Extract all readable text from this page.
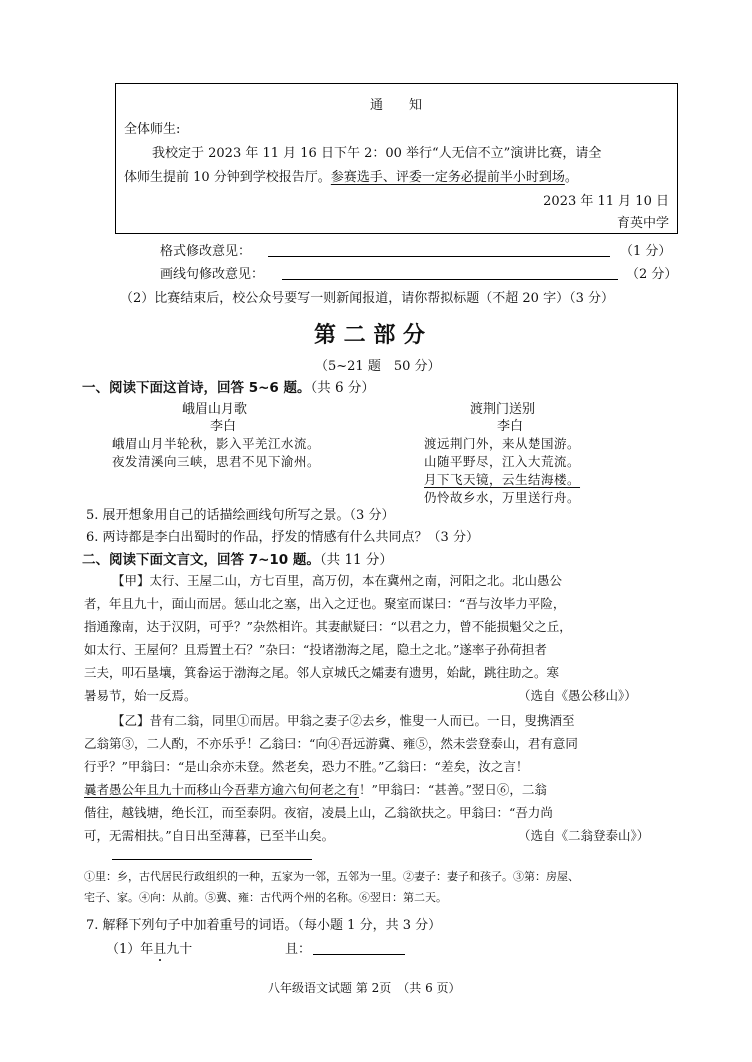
通　　知
全体师生:
我校定于 2023 年 11 月 16 日下午 2：00 举行“人无信不立”演讲比赛，请全
体师生提前 10 分钟到学校报告厅。参赛选手、评委一定务必提前半小时到场。
2023 年 11 月 10 日
育英中学
格式修改意见：	（1 分）
画线句修改意见：	（2 分）
（2）比赛结束后，校公众号要写一则新闻报道，请你帮拟标题（不超 20 字）（3 分）
第 二 部 分
（5~21 题　50 分）
一、阅读下面这首诗，回答 5~6 题。（共 6 分）
峨眉山月歌
李白
峨眉山月半轮秋，影入平羌江水流。
夜发清溪向三峡，思君不见下渝州。
渡荆门送别
李白
渡远荆门外，来从楚国游。
山随平野尽，江入大荒流。
月下飞天镜，云生结海楼。
仍怜故乡水，万里送行舟。
5. 展开想象用自己的话描绘画线句所写之景。（3 分）
6. 两诗都是李白出蜀时的作品，抒发的情感有什么共同点？（3 分）
二、阅读下面文言文，回答 7~10 题。（共 11 分）
【甲】太行、王屋二山，方七百里，高万仞，本在冀州之南，河阳之北。北山愚公
者，年且九十，面山而居。惩山北之塞，出入之迂也。聚室而谋曰：“吾与汝毕力平险，
指通豫南，达于汉阴，可乎？”杂然相许。其妻献疑曰：“以君之力，曾不能损魁父之丘，
如太行、王屋何？且焉置土石？”杂曰：“投诸渤海之尾，隐土之北。”遂率子孙荷担者
三夫，叩石垦壤，箕畚运于渤海之尾。邻人京城氏之孀妻有遗男，始龀，跳往助之。寒
暑易节，始一反焉。	（选自《愚公移山》）
【乙】昔有二翁，同里①而居。甲翁之妻子②去乡，惟叟一人而已。一日，叟携酒至
乙翁第③，二人酌，不亦乐乎！乙翁曰：“向④吾远游冀、雍⑤，然未尝登泰山，君有意同
行乎？”甲翁曰：“是山余亦未登。然老矣，恐力不胜。”乙翁曰：“差矣，汝之言！
曩者愚公年且九十而移山今吾辈方逾六旬何老之有！”甲翁曰：“甚善。”翌日⑥，二翁
偕往，越钱塘，绝长江，而至泰阴。夜宿，凌晨上山，乙翁欲扶之。甲翁曰：“吾力尚
可，无需相扶。”自日出至薄暮，已至半山矣。	（选自《二翁登泰山》）
①里：乡，古代居民行政组织的一种，五家为一邻，五邻为一里。②妻子：妻子和孩子。③第：房屋、
宅子、家。④向：从前。⑤冀、雍：古代两个州的名称。⑥翌日：第二天。
7. 解释下列句子中加着重号的词语。（每小题 1 分，共 3 分）
（1）年且九十	且：
八年级语文试题 第 2页　（共 6 页）
